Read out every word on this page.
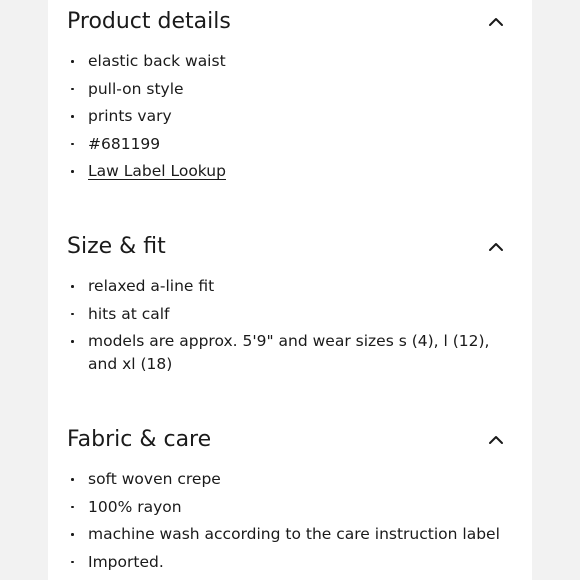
Product details
elastic back waist
pull-on style
prints vary
#681199
Law Label Lookup
Size & fit
relaxed a-line fit
hits at calf
models are approx. 5'9" and wear sizes s (4), l (12), and xl (18)
Fabric & care
soft woven crepe
100% rayon
machine wash according to the care instruction label
Imported.
